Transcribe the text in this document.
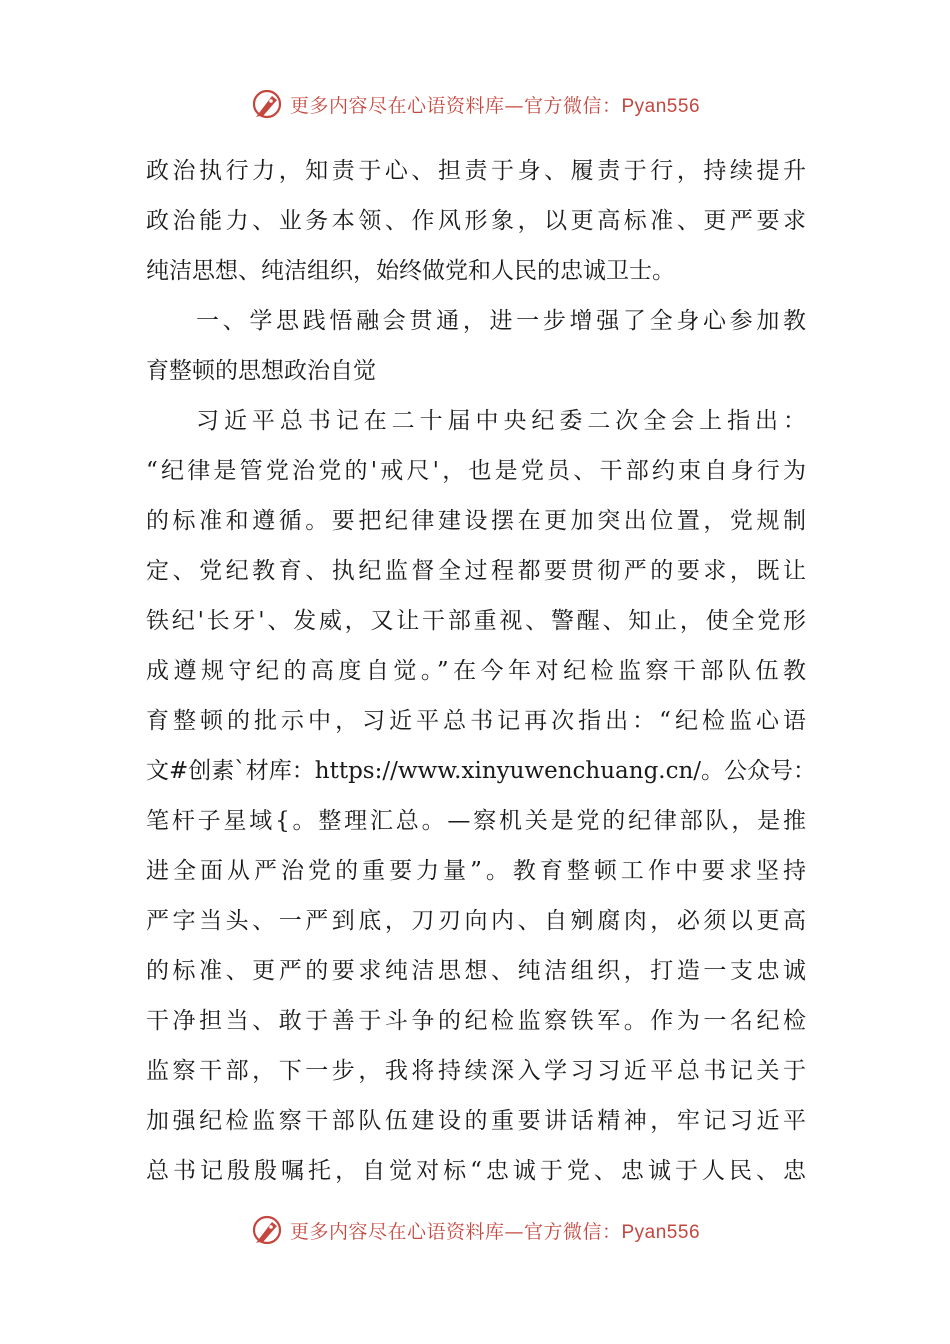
更多内容尽在心语资料库—官方微信：Pyan556
政治执行力，知责于心、担责于身、履责于行，持续提升
政治能力、业务本领、作风形象，以更高标准、更严要求
纯洁思想、纯洁组织，始终做党和人民的忠诚卫士。
一、学思践悟融会贯通，进一步增强了全身心参加教
育整顿的思想政治自觉
习近平总书记在二十届中央纪委二次全会上指出：
“纪律是管党治党的'戒尺'，也是党员、干部约束自身行为
的标准和遵循。要把纪律建设摆在更加突出位置，党规制
定、党纪教育、执纪监督全过程都要贯彻严的要求，既让
铁纪'长牙'、发威，又让干部重视、警醒、知止，使全党形
成遵规守纪的高度自觉。”在今年对纪检监察干部队伍教
育整顿的批示中，习近平总书记再次指出：“纪检监心语
文#创素`材库：https://www.xinyuwenchuang.cn/。公众号：
笔杆子星域{。整理汇总。—察机关是党的纪律部队，是推
进全面从严治党的重要力量”。教育整顿工作中要求坚持
严字当头、一严到底，刀刃向内、自剜腐肉，必须以更高
的标准、更严的要求纯洁思想、纯洁组织，打造一支忠诚
干净担当、敢于善于斗争的纪检监察铁军。作为一名纪检
监察干部，下一步，我将持续深入学习习近平总书记关于
加强纪检监察干部队伍建设的重要讲话精神，牢记习近平
总书记殷殷嘱托，自觉对标“忠诚于党、忠诚于人民、忠
更多内容尽在心语资料库—官方微信：Pyan556
